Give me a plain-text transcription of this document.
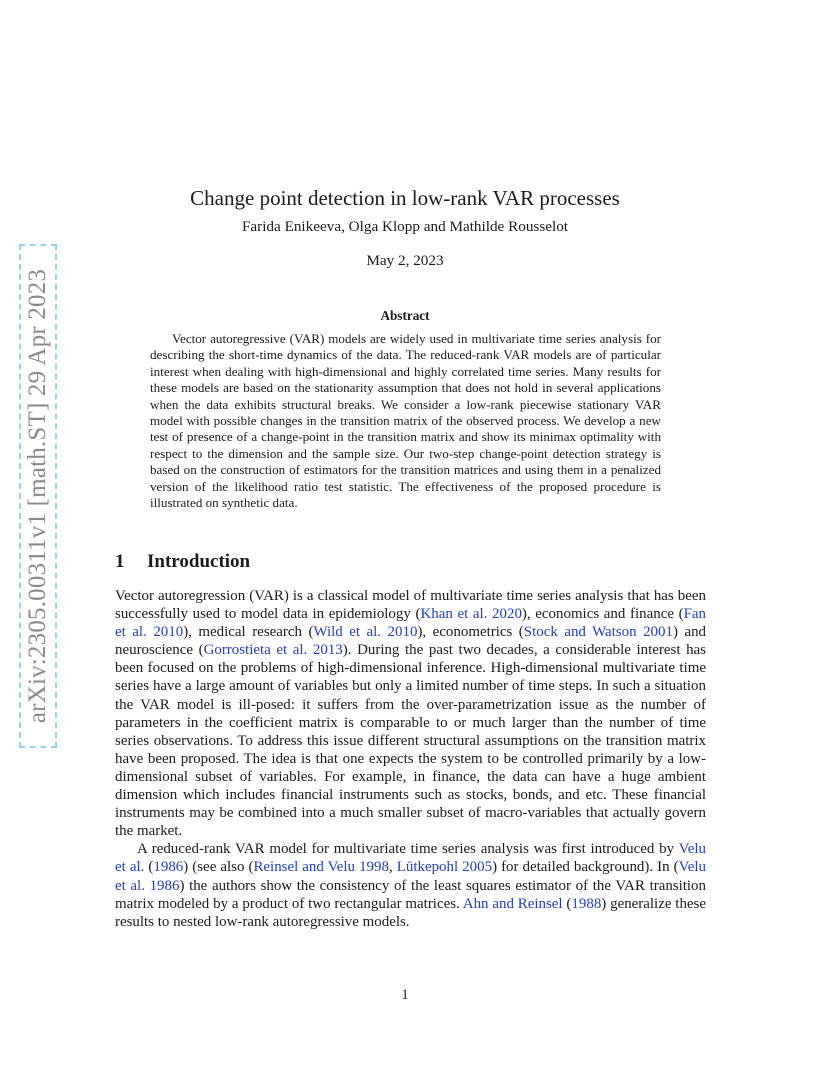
arXiv:2305.00311v1 [math.ST] 29 Apr 2023
Change point detection in low-rank VAR processes
Farida Enikeeva, Olga Klopp and Mathilde Rousselot
May 2, 2023
Abstract

Vector autoregressive (VAR) models are widely used in multivariate time series analysis for describing the short-time dynamics of the data. The reduced-rank VAR models are of particular interest when dealing with high-dimensional and highly correlated time series. Many results for these models are based on the stationarity assumption that does not hold in several applications when the data exhibits structural breaks. We consider a low-rank piecewise stationary VAR model with possible changes in the transition matrix of the observed process. We develop a new test of presence of a change-point in the transition matrix and show its minimax optimality with respect to the dimension and the sample size. Our two-step change-point detection strategy is based on the construction of estimators for the transition matrices and using them in a penalized version of the likelihood ratio test statistic. The effectiveness of the proposed procedure is illustrated on synthetic data.

1 Introduction

Vector autoregression (VAR) is a classical model of multivariate time series analysis that has been successfully used to model data in epidemiology (Khan et al. 2020), economics and finance (Fan et al. 2010), medical research (Wild et al. 2010), econometrics (Stock and Watson 2001) and neuroscience (Gorrostieta et al. 2013). During the past two decades, a considerable interest has been focused on the problems of high-dimensional inference. High-dimensional multivariate time series have a large amount of variables but only a limited number of time steps. In such a situation the VAR model is ill-posed: it suffers from the over-parametrization issue as the number of parameters in the coefficient matrix is comparable to or much larger than the number of time series observations. To address this issue different structural assumptions on the transition matrix have been proposed. The idea is that one expects the system to be controlled primarily by a low-dimensional subset of variables. For example, in finance, the data can have a huge ambient dimension which includes financial instruments such as stocks, bonds, and etc. These financial instruments may be combined into a much smaller subset of macro-variables that actually govern the market.

A reduced-rank VAR model for multivariate time series analysis was first introduced by Velu et al. (1986) (see also (Reinsel and Velu 1998, Lütkepohl 2005) for detailed background). In (Velu et al. 1986) the authors show the consistency of the least squares estimator of the VAR transition matrix modeled by a product of two rectangular matrices. Ahn and Reinsel (1988) generalize these results to nested low-rank autoregressive models.

1
